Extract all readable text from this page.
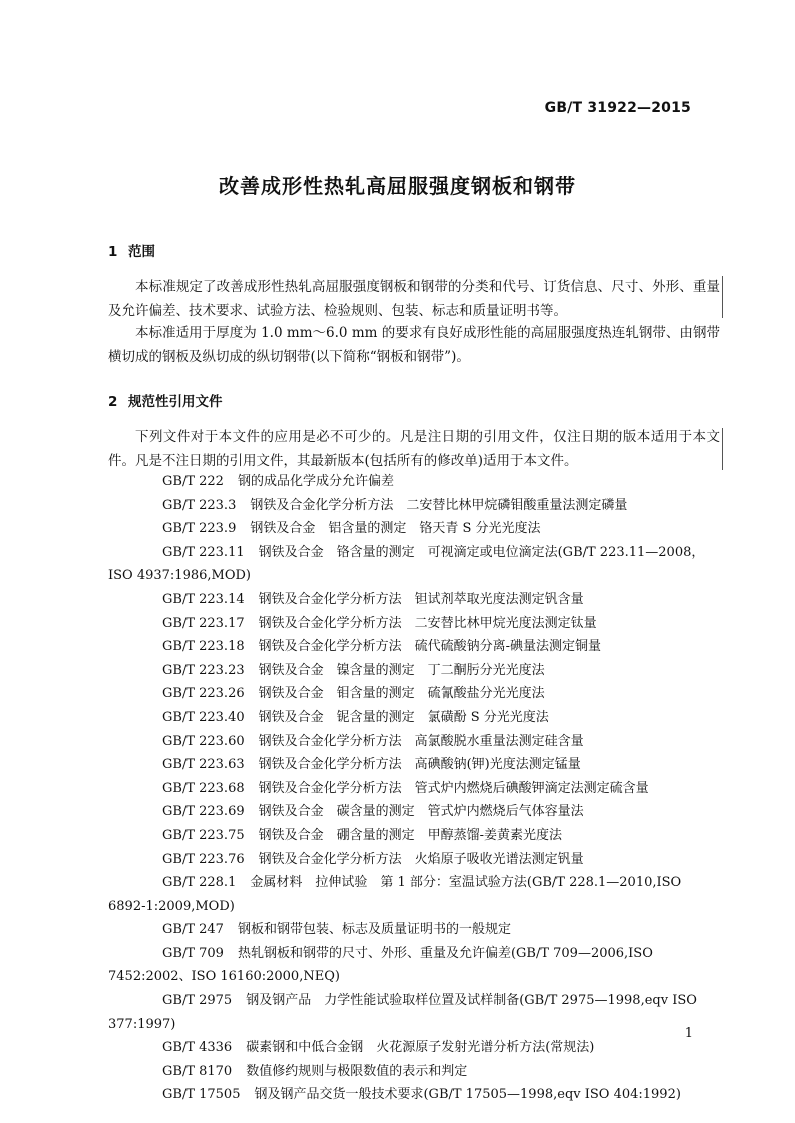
GB/T 31922—2015
改善成形性热轧高屈服强度钢板和钢带
1 范围
本标准规定了改善成形性热轧高屈服强度钢板和钢带的分类和代号、订货信息、尺寸、外形、重量及允许偏差、技术要求、试验方法、检验规则、包装、标志和质量证明书等。
本标准适用于厚度为 1.0 mm～6.0 mm 的要求有良好成形性能的高屈服强度热连轧钢带、由钢带横切成的钢板及纵切成的纵切钢带(以下简称“钢板和钢带”)。
2 规范性引用文件
下列文件对于本文件的应用是必不可少的。凡是注日期的引用文件，仅注日期的版本适用于本文件。凡是不注日期的引用文件，其最新版本(包括所有的修改单)适用于本文件。
GB/T 222 钢的成品化学成分允许偏差
GB/T 223.3 钢铁及合金化学分析方法　二安替比林甲烷磷钼酸重量法测定磷量
GB/T 223.9 钢铁及合金　铝含量的测定　铬天青 S 分光光度法
GB/T 223.11 钢铁及合金　铬含量的测定　可视滴定或电位滴定法(GB/T 223.11—2008，ISO 4937:1986,MOD)
GB/T 223.14 钢铁及合金化学分析方法　钽试剂萃取光度法测定钒含量
GB/T 223.17 钢铁及合金化学分析方法　二安替比林甲烷光度法测定钛量
GB/T 223.18 钢铁及合金化学分析方法　硫代硫酸钠分离-碘量法测定铜量
GB/T 223.23 钢铁及合金　镍含量的测定　丁二酮肟分光光度法
GB/T 223.26 钢铁及合金　钼含量的测定　硫氰酸盐分光光度法
GB/T 223.40 钢铁及合金　铌含量的测定　氯磺酚 S 分光光度法
GB/T 223.60 钢铁及合金化学分析方法　高氯酸脱水重量法测定硅含量
GB/T 223.63 钢铁及合金化学分析方法　高碘酸钠(钾)光度法测定锰量
GB/T 223.68 钢铁及合金化学分析方法　管式炉内燃烧后碘酸钾滴定法测定硫含量
GB/T 223.69 钢铁及合金　碳含量的测定　管式炉内燃烧后气体容量法
GB/T 223.75 钢铁及合金　硼含量的测定　甲醇蒸馏-姜黄素光度法
GB/T 223.76 钢铁及合金化学分析方法　火焰原子吸收光谱法测定钒量
GB/T 228.1 金属材料　拉伸试验　第 1 部分：室温试验方法(GB/T 228.1—2010,ISO 6892-1:2009,MOD)
GB/T 247 钢板和钢带包装、标志及质量证明书的一般规定
GB/T 709 热轧钢板和钢带的尺寸、外形、重量及允许偏差(GB/T 709—2006,ISO 7452:2002、ISO 16160:2000,NEQ)
GB/T 2975 钢及钢产品　力学性能试验取样位置及试样制备(GB/T 2975—1998,eqv ISO 377:1997)
GB/T 4336 碳素钢和中低合金钢　火花源原子发射光谱分析方法(常规法)
GB/T 8170 数值修约规则与极限数值的表示和判定
GB/T 17505 钢及钢产品交货一般技术要求(GB/T 17505—1998,eqv ISO 404:1992)
1
